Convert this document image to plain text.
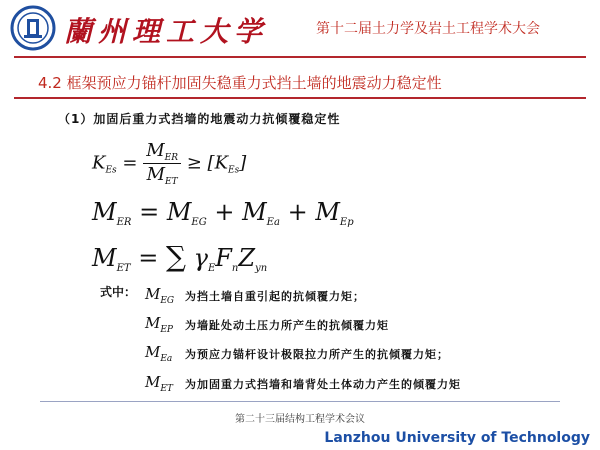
蘭州理工大学	第十二届土力学及岩土工程学术大会
4.2 框架预应力锚杆加固失稳重力式挡土墙的地震动力稳定性
（1）加固后重力式挡墙的地震动力抗倾覆稳定性
$K_{Es} = \frac{M_{ER}}{M_{ET}} \ge [K_{Es}]$
$M_{ER} = M_{EG} + M_{Ea} + M_{Ep}$
$M_{ET}$ = ∑ $\gamma_EF_nZ_{yn}$
式中： $M_{EG}$ 为挡土墙自重引起的抗倾覆力矩；
$M_{EP}$ 为墙趾处动土压力所产生的抗倾覆力矩
$M_{Ea}$ 为预应力锚杆设计极限拉力所产生的抗倾覆力矩；
$M_{ET}$ 为加固重力式挡墙和墙背处土体动力产生的倾覆力矩
第二十三届结构工程学术会议
Lanzhou University of Technology
